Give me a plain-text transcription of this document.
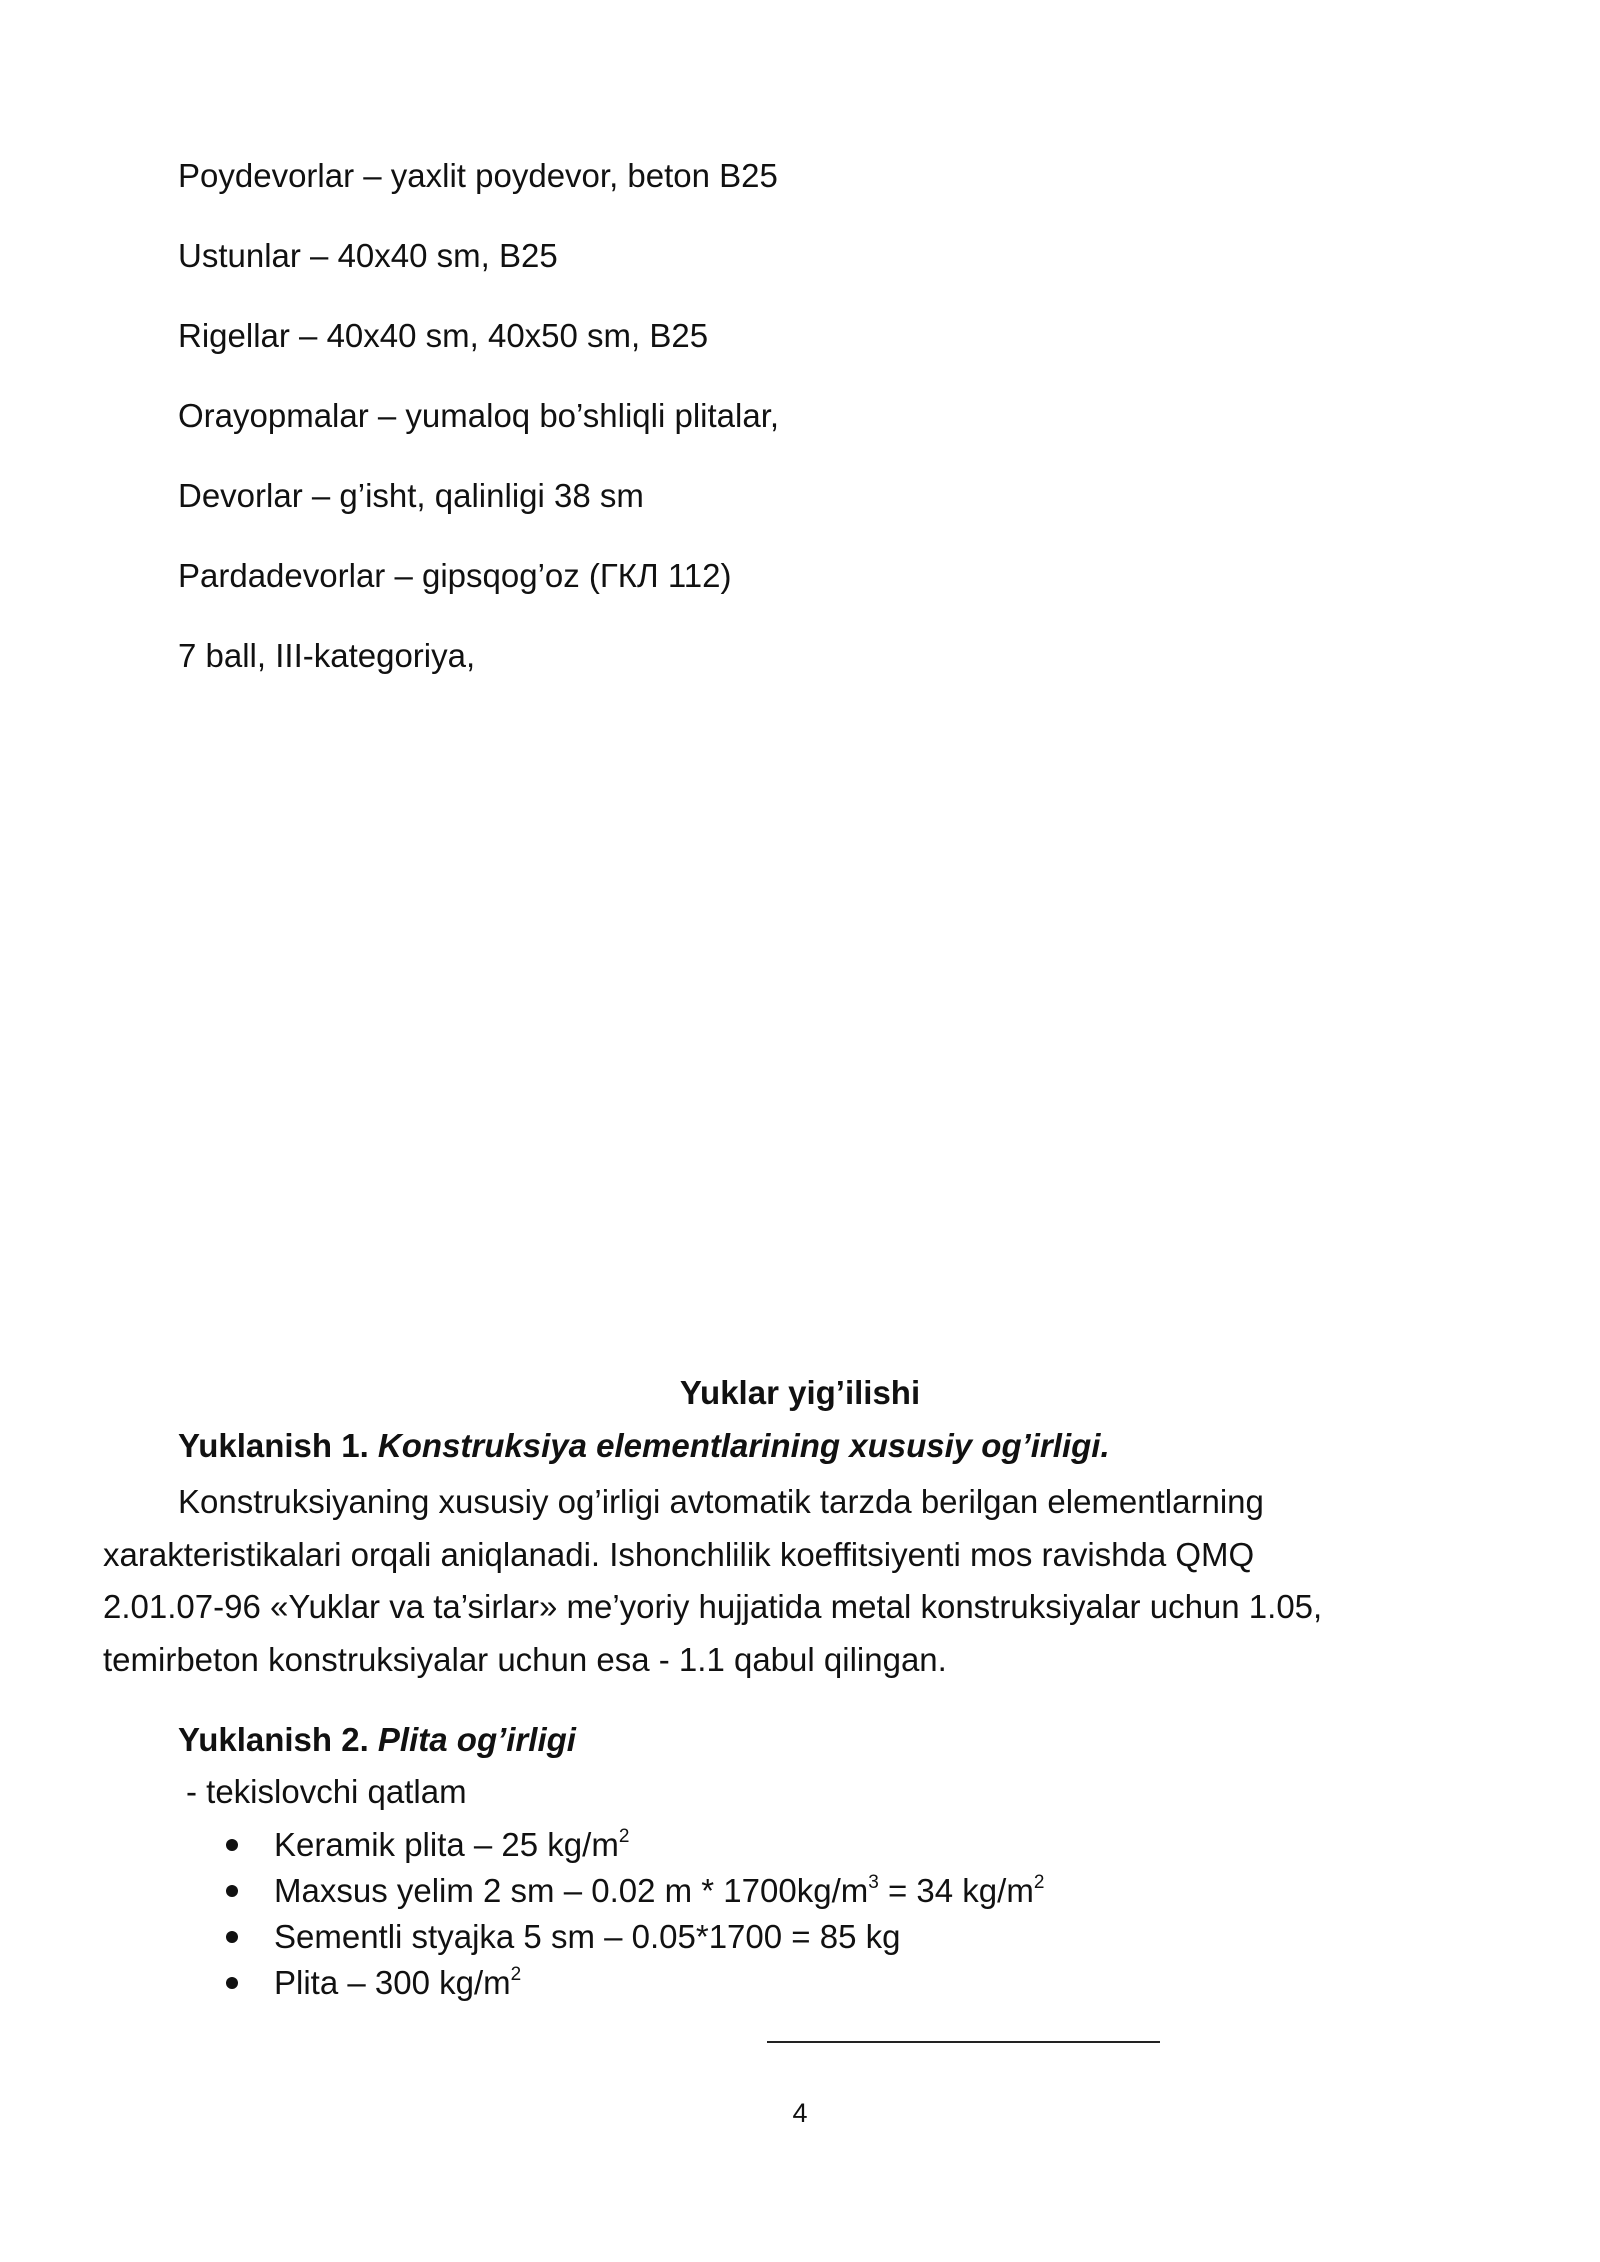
Poydevorlar – yaxlit poydevor, beton B25
Ustunlar – 40x40 sm, B25
Rigellar – 40x40 sm, 40x50 sm, B25
Orayopmalar – yumaloq bo’shliqli plitalar,
Devorlar – g’isht, qalinligi 38 sm
Pardadevorlar – gipsqog’oz (ГКЛ 112)
7 ball, III-kategoriya,
Yuklar yig’ilishi
Yuklanish 1. Konstruksiya elementlarining xususiy og’irligi.
Konstruksiyaning xususiy og’irligi avtomatik tarzda berilgan elementlarning
xarakteristikalari orqali aniqlanadi. Ishonchlilik koeffitsiyenti mos ravishda QMQ
2.01.07-96 «Yuklar va ta’sirlar» me’yoriy hujjatida metal konstruksiyalar uchun 1.05,
temirbeton konstruksiyalar uchun esa - 1.1 qabul qilingan.
Yuklanish 2. Plita og’irligi
- tekislovchi qatlam
Keramik plita – 25 $kg/m^2$
Maxsus yelim 2 sm – 0.02 $m * 1700kg/m^3 = 34$ $kg/m^2$
Sementli styajka 5 sm – 0.05*1700 = 85 kg
Plita – 300 $kg/m^2$
4
